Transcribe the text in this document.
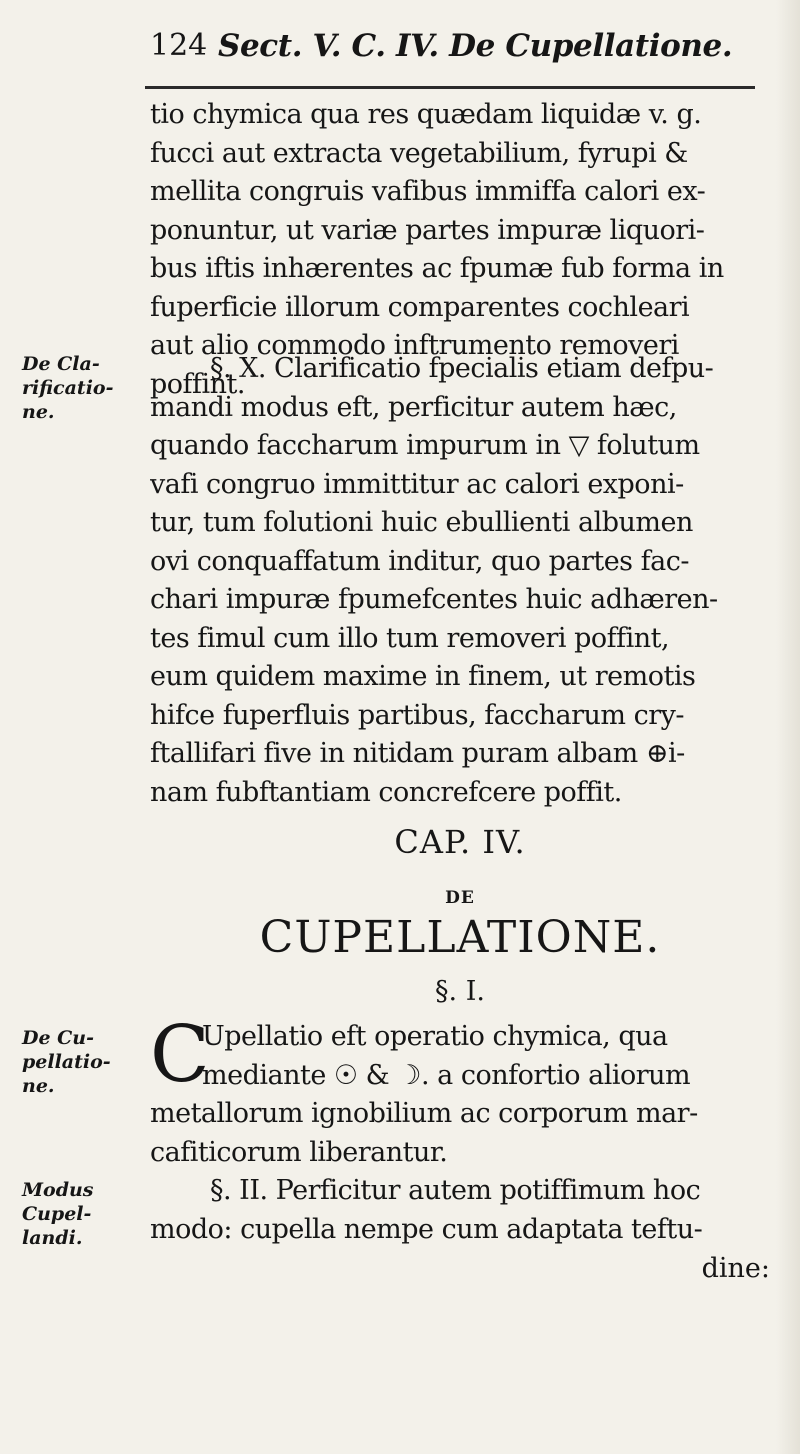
124 Sect. V. C. IV. De Cupellatione.
tio chymica qua res quædam liquidæ v. g.
fucci aut extracta vegetabilium, fyrupi &
mellita congruis vafibus immiffa calori ex-
ponuntur, ut variæ partes impuræ liquori-
bus iftis inhærentes ac fpumæ fub forma in
fuperficie illorum comparentes cochleari
aut alio commodo inftrumento removeri
poffint.
De Cla-
rificatio-
ne.
§. X. Clarificatio fpecialis etiam defpu-
mandi modus eft, perficitur autem hæc,
quando faccharum impurum in ▽ folutum
vafi congruo immittitur ac calori exponi-
tur, tum folutioni huic ebullienti albumen
ovi conquaffatum inditur, quo partes fac-
chari impuræ fpumefcentes huic adhæren-
tes fimul cum illo tum removeri poffint,
eum quidem maxime in finem, ut remotis
hifce fuperfluis partibus, faccharum cry-
ftallifari five in nitidam puram albam ⊕i-
nam fubftantiam concrefcere poffit.
CAP. IV.
DE
CUPELLATIONE.
§. I.
De Cu-
pellatio-
ne.	C
Upellatio eft operatio chymica, qua
mediante ☉ & ☽. a confortio aliorum
metallorum ignobilium ac corporum mar-
cafiticorum liberantur.
Modus
Cupel-
landi.
§. II. Perficitur autem potiffimum hoc
modo: cupella nempe cum adaptata teftu-
dine:
